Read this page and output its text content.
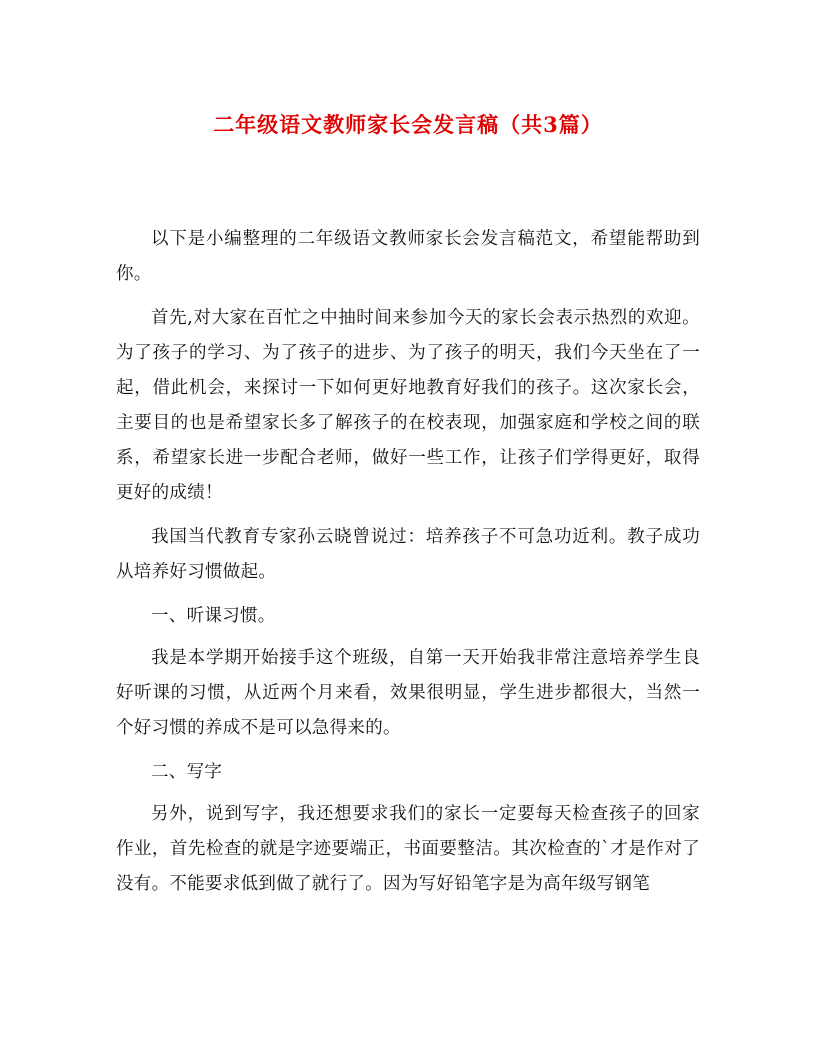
二年级语文教师家长会发言稿（共3篇）

以下是小编整理的二年级语文教师家长会发言稿范文，希望能帮助到你。

首先,对大家在百忙之中抽时间来参加今天的家长会表示热烈的欢迎。为了孩子的学习、为了孩子的进步、为了孩子的明天，我们今天坐在了一起，借此机会，来探讨一下如何更好地教育好我们的孩子。这次家长会，主要目的也是希望家长多了解孩子的在校表现，加强家庭和学校之间的联系，希望家长进一步配合老师，做好一些工作，让孩子们学得更好，取得更好的成绩！

我国当代教育专家孙云晓曾说过：培养孩子不可急功近利。教子成功从培养好习惯做起。

一、听课习惯。

我是本学期开始接手这个班级，自第一天开始我非常注意培养学生良好听课的习惯，从近两个月来看，效果很明显，学生进步都很大，当然一个好习惯的养成不是可以急得来的。

二、写字

另外，说到写字，我还想要求我们的家长一定要每天检查孩子的回家作业，首先检查的就是字迹要端正，书面要整洁。其次检查的`才是作对了没有。不能要求低到做了就行了。因为写好铅笔字是为高年级写钢笔
